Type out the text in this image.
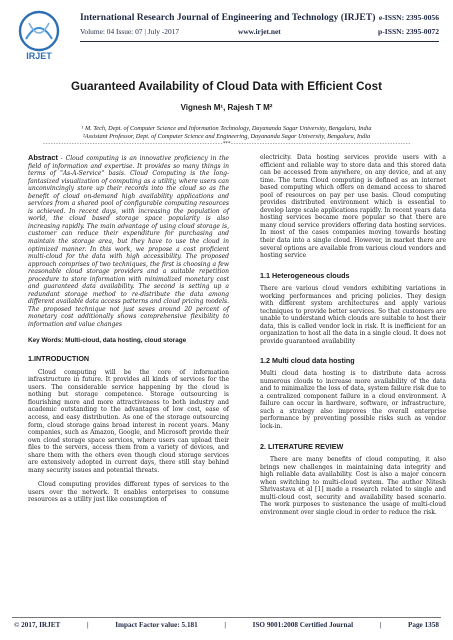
IRJET
International Research Journal of Engineering and Technology (IRJET) e-ISSN: 2395-0056
Volume: 04 Issue: 07 | July -2017	www.irjet.net	p-ISSN: 2395-0072
Guaranteed Availability of Cloud Data with Efficient Cost
Vignesh M¹, Rajesh T M²
¹ M. Tech, Dept. of Computer Science and Information Technology, Dayananda Sagar University, Bengaluru, India
²Assistant Professor, Dept. of Computer Science and Engineering, Dayananda Sagar University, Bengaluru, India
---------------------------------------------------------------------***---------------------------------------------------------------------

Abstract - Cloud computing is an innovative proficiency in the field of information and expertise. It provides so many things in terms of "As-A-Service" basis. Cloud Computing is the long-fantasized visualization of computing as a utility, where users can unconvincingly store up their records into the cloud so as the benefit of cloud on-demand high availability applications and services from a shared pool of configurable computing resources is achieved. In recent days, with increasing the population of world, the cloud based storage space popularity is also increasing rapidly. The main advantage of using cloud storage is, customer can reduce their expenditure for purchasing and maintain the storage area, but they have to use the cloud in optimized manner. In this work, we propose a cost proficient multi-cloud for the data with high accessibility. The proposed approach comprises of two techniques, the first is choosing a few reasonable cloud storage providers and a suitable repetition procedure to store information with minimalized monetary cost and guaranteed data availability. The second is setting up a redundant storage method to re-distribute the data among different available data access patterns and cloud pricing models. The proposed technique not just saves around 20 percent of monetary cost additionally shows comprehensive flexibility to information and value changes

Key Words: Multi-cloud, data hosting, cloud storage

1.INTRODUCTION

Cloud computing will be the core of information infrastructure in future. It provides all kinds of services for the users. The considerable service happening by the cloud is nothing but storage competence. Storage outsourcing is flourishing more and more attractiveness to both industry and academic outstanding to the advantages of low cost, ease of access, and easy distribution. As one of the storage outsourcing form, cloud storage gains broad interest in recent years. Many companies, such as Amazon, Google, and Microsoft provide their own cloud storage space services, where users can upload their files to the servers, access them from a variety of devices, and share them with the others even though cloud storage services are extensively adopted in current days, there still stay behind many security issues and potential threats.

Cloud computing provides different types of services to the users over the network. It enables enterprises to consume resources as a utility just like consumption of

electricity. Data hosting services provide users with a efficient and reliable way to store data and this stored data can be accessed from anywhere, on any device, and at any time. The term Cloud computing is defined as an internet based computing which offers on demand access to shared pool of resources on pay per use basis. Cloud computing provides distributed environment which is essential to develop large scale applications rapidly. In recent years data hosting services became more popular so that there are many cloud service providers offering data hosting services. In most of the cases companies moving towards hosting their data into a single cloud. However, in market there are several options are available from various cloud vendors and hosting service

1.1 Heterogeneous clouds

There are various cloud vendors exhibiting variations in working performances and pricing policies. They design with different system architectures and apply various techniques to provide better services. So that customers are unable to understand which clouds are suitable to host their data, this is called vendor lock in risk. It is inefficient for an organization to host all the data in a single cloud. It does not provide guaranteed availability

1.2 Multi cloud data hosting

Multi cloud data hosting is to distribute data across numerous clouds to increase more availability of the data and to minimalize the loss of data, system failure risk due to a centralized component failure in a cloud environment. A failure can occur in hardware, software, or infrastructure, such a strategy also improves the overall enterprise performance by preventing possible risks such as vendor lock-in.

2. LITERATURE REVIEW

There are many benefits of cloud computing, it also brings new challenges in maintaining data integrity and high reliable data availability. Cost is also a major concern when switching to multi-cloud system. The author Nitesh Shrivastava et al [1] made a research related to single and multi-cloud cost, security and availability based scenario. The work purposes to sustenance the usage of multi-cloud environment over single cloud in order to reduce the risk.

© 2017, IRJET	|	Impact Factor value: 5.181	|	ISO 9001:2008 Certified Journal	|	Page 1358
